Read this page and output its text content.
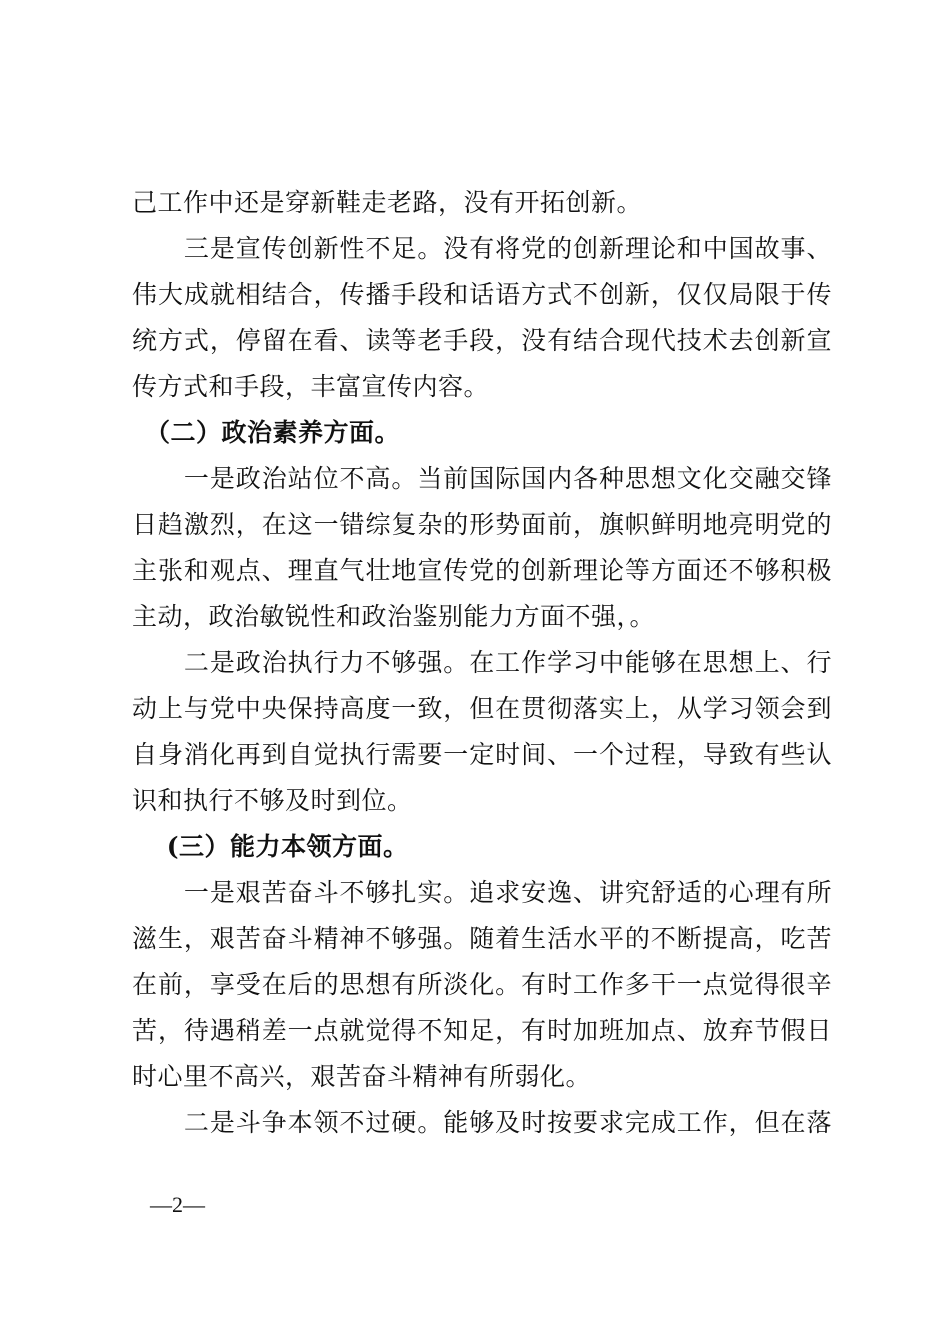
己工作中还是穿新鞋走老路，没有开拓创新。
　　三是宣传创新性不足。没有将党的创新理论和中国故事、
伟大成就相结合，传播手段和话语方式不创新，仅仅局限于传
统方式，停留在看、读等老手段，没有结合现代技术去创新宣
传方式和手段，丰富宣传内容。
　（二）政治素养方面。
　　一是政治站位不高。当前国际国内各种思想文化交融交锋
日趋激烈，在这一错综复杂的形势面前，旗帜鲜明地亮明党的
主张和观点、理直气壮地宣传党的创新理论等方面还不够积极
主动，政治敏锐性和政治鉴别能力方面不强，。
　　二是政治执行力不够强。在工作学习中能够在思想上、行
动上与党中央保持高度一致，但在贯彻落实上，从学习领会到
自身消化再到自觉执行需要一定时间、一个过程，导致有些认
识和执行不够及时到位。
　 (三）能力本领方面。
　　一是艰苦奋斗不够扎实。追求安逸、讲究舒适的心理有所
滋生，艰苦奋斗精神不够强。随着生活水平的不断提高，吃苦
在前，享受在后的思想有所淡化。有时工作多干一点觉得很辛
苦，待遇稍差一点就觉得不知足，有时加班加点、放弃节假日
时心里不高兴，艰苦奋斗精神有所弱化。
　　二是斗争本领不过硬。能够及时按要求完成工作，但在落
—2—
